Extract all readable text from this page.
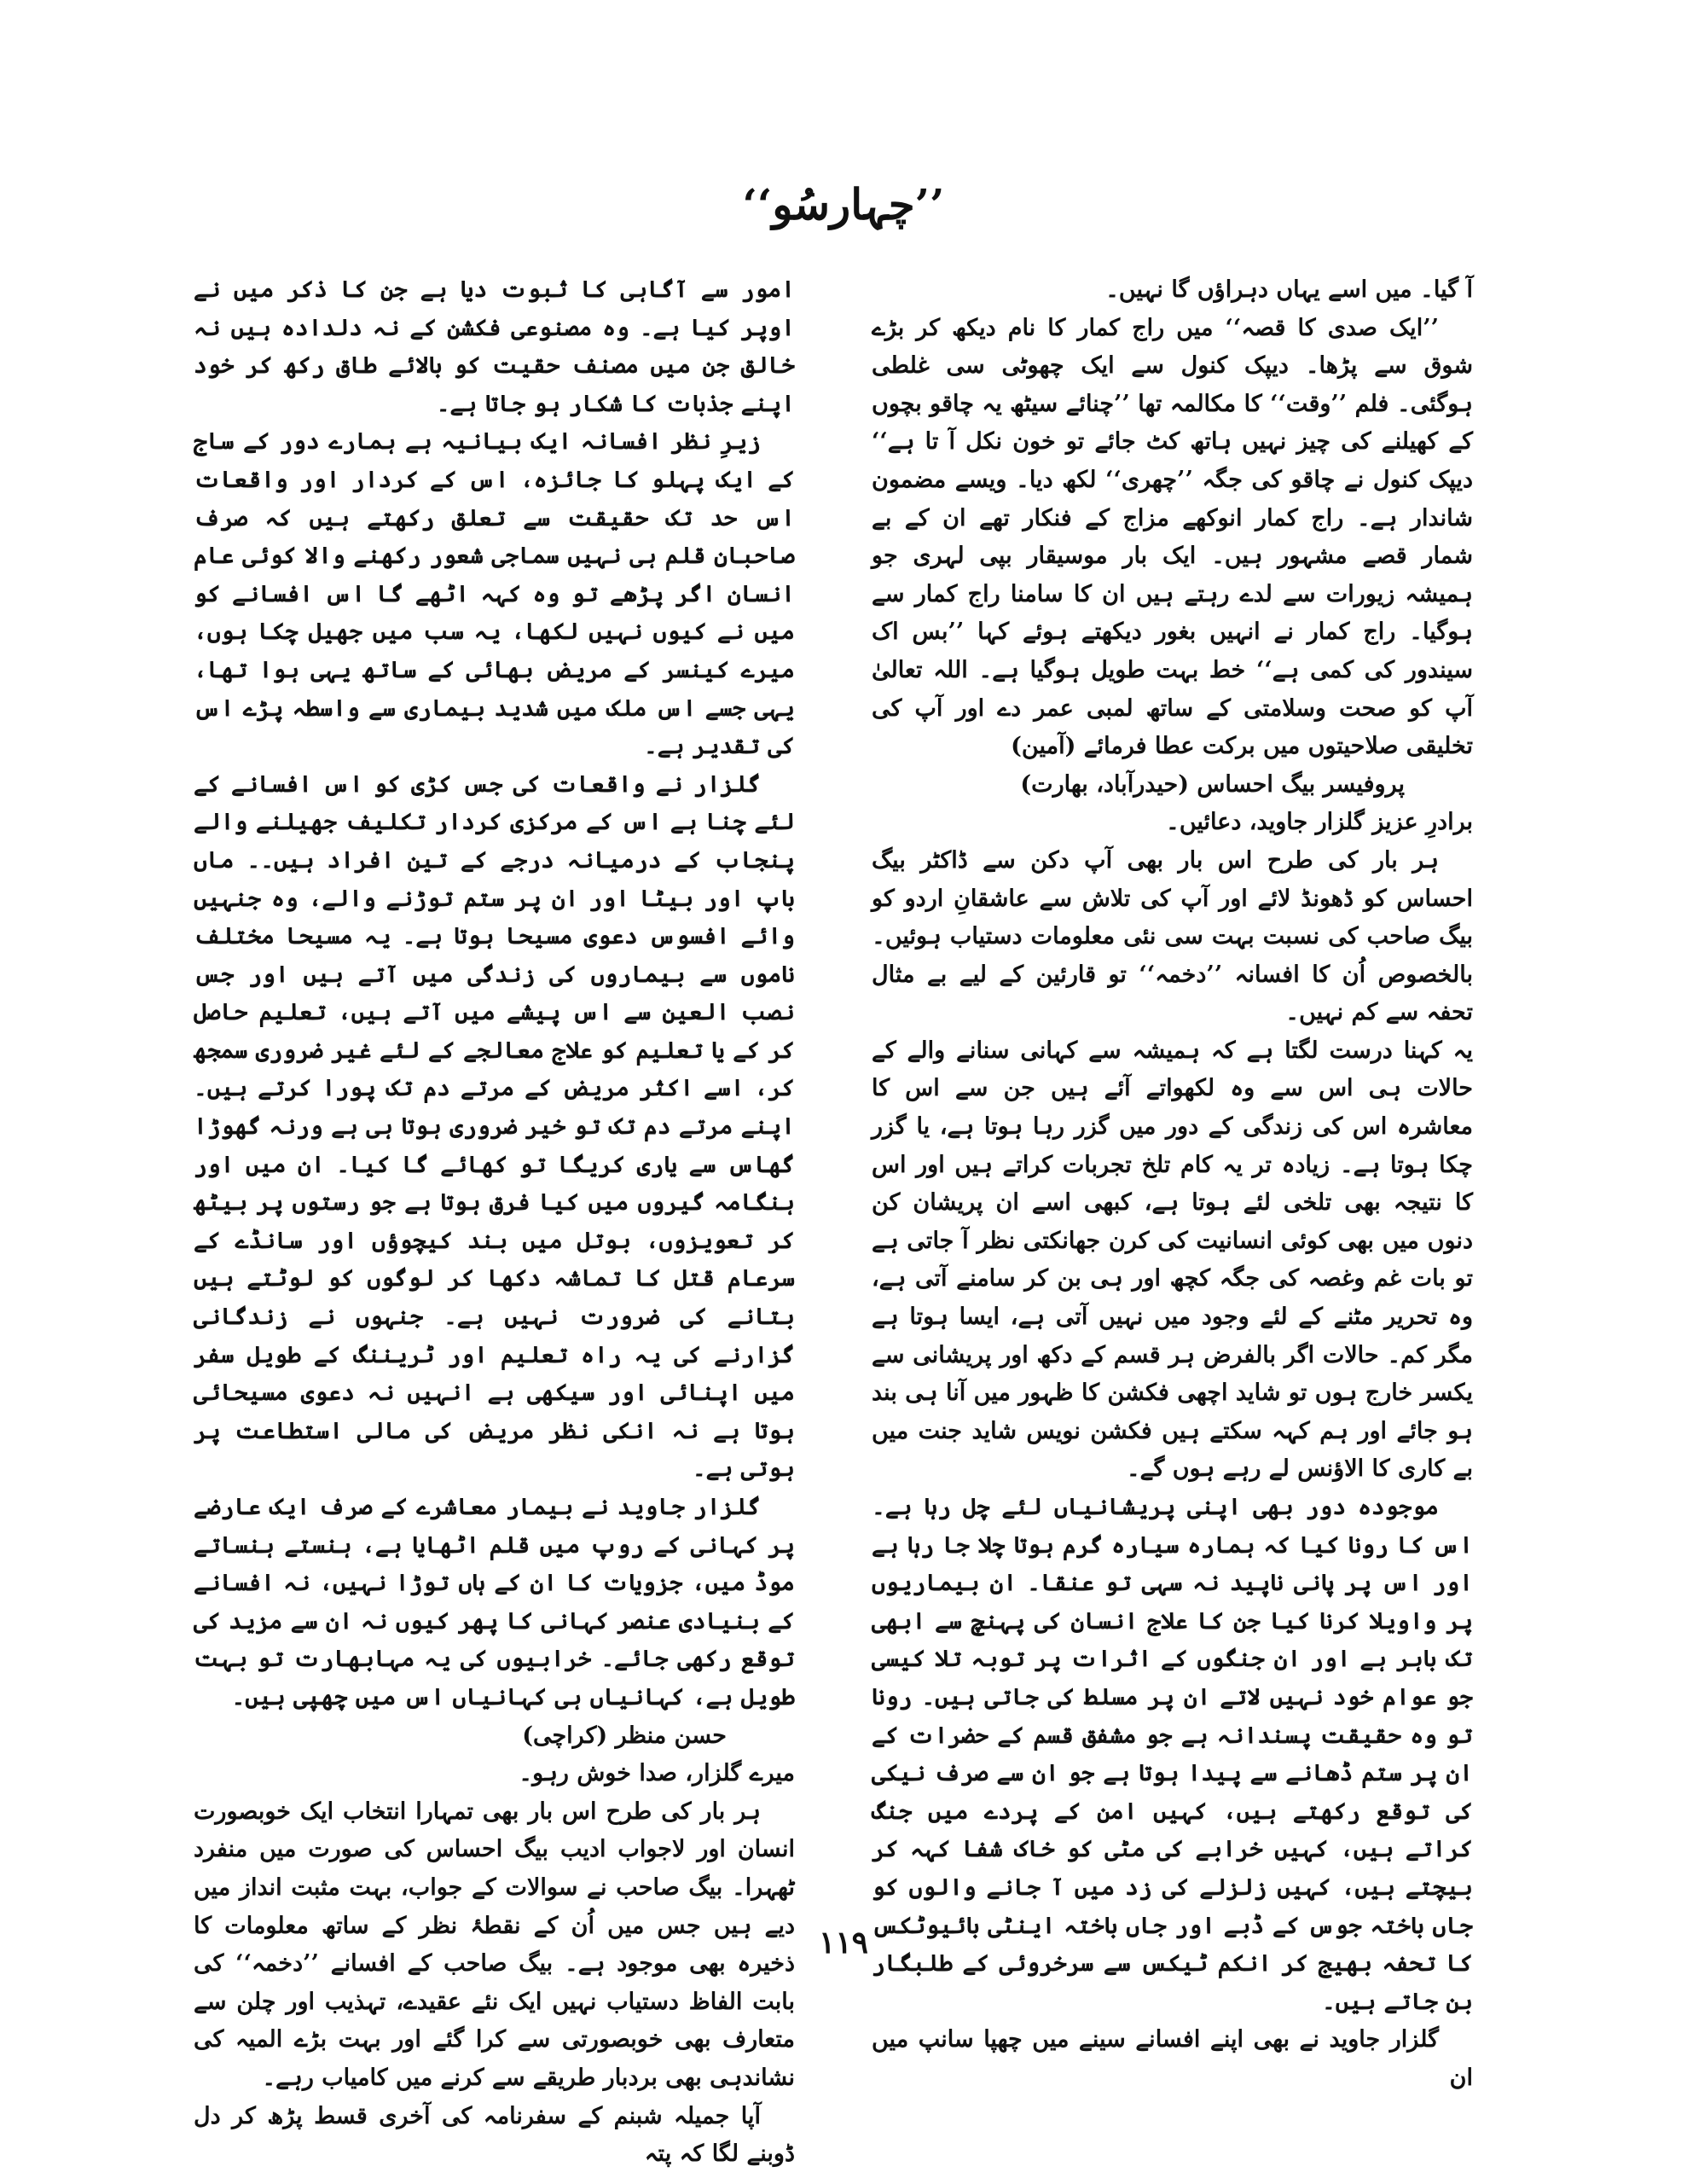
’’چہارسُو‘‘

آ گیا۔ میں اسے یہاں دہراؤں گا نہیں۔

’’ایک صدی کا قصہ‘‘ میں راج کمار کا نام دیکھ کر بڑے شوق سے پڑھا۔ دیپک کنول سے ایک چھوٹی سی غلطی ہوگئی۔ فلم ’’وقت‘‘ کا مکالمہ تھا ’’چنائے سیٹھ یہ چاقو بچوں کے کھیلنے کی چیز نہیں ہاتھ کٹ جائے تو خون نکل آ تا ہے‘‘ دیپک کنول نے چاقو کی جگہ ’’چھری‘‘ لکھ دیا۔ ویسے مضمون شاندار ہے۔ راج کمار انوکھے مزاج کے فنکار تھے ان کے بے شمار قصے مشہور ہیں۔ ایک بار موسیقار بپی لہری جو ہمیشہ زیورات سے لدے رہتے ہیں ان کا سامنا راج کمار سے ہوگیا۔ راج کمار نے انہیں بغور دیکھتے ہوئے کہا ’’بس اک سیندور کی کمی ہے‘‘ خط بہت طویل ہوگیا ہے۔ اللہ تعالیٰ آپ کو صحت وسلامتی کے ساتھ لمبی عمر دے اور آپ کی تخلیقی صلاحیتوں میں برکت عطا فرمائے (آمین)

پروفیسر بیگ احساس (حیدرآباد، بھارت)

برادرِ عزیز گلزار جاوید، دعائیں۔

ہر بار کی طرح اس بار بھی آپ دکن سے ڈاکٹر بیگ احساس کو ڈھونڈ لائے اور آپ کی تلاش سے عاشقانِ اردو کو بیگ صاحب کی نسبت بہت سی نئی معلومات دستیاب ہوئیں۔ بالخصوص اُن کا افسانہ ’’دخمہ‘‘ تو قارئین کے لیے بے مثال تحفہ سے کم نہیں۔

یہ کہنا درست لگتا ہے کہ ہمیشہ سے کہانی سنانے والے کے حالات ہی اس سے وہ لکھواتے آئے ہیں جن سے اس کا معاشرہ اس کی زندگی کے دور میں گزر رہا ہوتا ہے، یا گزر چکا ہوتا ہے۔ زیادہ تر یہ کام تلخ تجربات کراتے ہیں اور اس کا نتیجہ بھی تلخی لئے ہوتا ہے، کبھی اسے ان پریشان کن دنوں میں بھی کوئی انسانیت کی کرن جھانکتی نظر آ جاتی ہے تو بات غم وغصہ کی جگہ کچھ اور ہی بن کر سامنے آتی ہے، وہ تحریر مٹنے کے لئے وجود میں نہیں آتی ہے، ایسا ہوتا ہے مگر کم۔ حالات اگر بالفرض ہر قسم کے دکھ اور پریشانی سے یکسر خارج ہوں تو شاید اچھی فکشن کا ظہور میں آنا ہی بند ہو جائے اور ہم کہہ سکتے ہیں فکشن نویس شاید جنت میں بے کاری کا الاؤنس لے رہے ہوں گے۔

موجودہ دور بھی اپنی پریشانیاں لئے چل رہا ہے۔ اس کا رونا کیا کہ ہمارہ سیارہ گرم ہوتا چلا جا رہا ہے اور اس پر پانی ناپید نہ سہی تو عنقا۔ ان بیماریوں پر واویلا کرنا کیا جن کا علاج انسان کی پہنچ سے ابھی تک باہر ہے اور ان جنگوں کے اثرات پر توبہ تلا کیسی جو عوام خود نہیں لاتے ان پر مسلط کی جاتی ہیں۔ رونا تو وہ حقیقت پسندانہ ہے جو مشفق قسم کے حضرات کے ان پر ستم ڈھانے سے پیدا ہوتا ہے جو ان سے صرف نیکی کی توقع رکھتے ہیں، کہیں امن کے پردے میں جنگ کراتے ہیں، کہیں خرابے کی مٹی کو خاک شفا کہہ کر بیچتے ہیں، کہیں زلزلے کی زد میں آ جانے والوں کو جاں باختہ جوس کے ڈبے اور جاں باختہ اینٹی بائیوٹکس کا تحفہ بھیج کر انکم ٹیکس سے سرخروئی کے طلبگار بن جاتے ہیں۔

گلزار جاوید نے بھی اپنے افسانے سینے میں چھپا سانپ میں ان

امور سے آگاہی کا ثبوت دیا ہے جن کا ذکر میں نے اوپر کیا ہے۔ وہ مصنوعی فکشن کے نہ دلدادہ ہیں نہ خالق جن میں مصنف حقیت کو بالائے طاق رکھ کر خود اپنے جذبات کا شکار ہو جاتا ہے۔

زیرِ نظر افسانہ ایک بیانیہ ہے ہمارے دور کے ساج کے ایک پہلو کا جائزہ، اس کے کردار اور واقعات اس حد تک حقیقت سے تعلق رکھتے ہیں کہ صرف صاحبانِ قلم ہی نہیں سماجی شعور رکھنے والا کوئی عام انسان اگر پڑھے تو وہ کہہ اٹھے گا اس افسانے کو میں نے کیوں نہیں لکھا، یہ سب میں جھیل چکا ہوں، میرے کینسر کے مریض بھائی کے ساتھ یہی ہوا تھا، یہی جسے اس ملک میں شدید بیماری سے واسطہ پڑے اس کی تقدیر ہے۔

گلزار نے واقعات کی جس کڑی کو اس افسانے کے لئے چنا ہے اس کے مرکزی کردار تکلیف جھیلنے والے پنجاب کے درمیانہ درجے کے تین افراد ہیں۔۔ ماں باپ اور بیٹا اور ان پر ستم توڑنے والے، وہ جنہیں وائے افسوس دعوی مسیحا ہوتا ہے۔ یہ مسیحا مختلف ناموں سے بیماروں کی زندگی میں آتے ہیں اور جس نصب العین سے اس پیشے میں آتے ہیں، تعلیم حاصل کر کے یا تعلیم کو علاج معالجے کے لئے غیر ضروری سمجھ کر، اسے اکثر مریض کے مرتے دم تک پورا کرتے ہیں۔ اپنے مرتے دم تک تو خیر ضروری ہوتا ہی ہے ورنہ گھوڑا گھاس سے یاری کریگا تو کھائے گا کیا۔ ان میں اور ہنگامہ گیروں میں کیا فرق ہوتا ہے جو رستوں پر بیٹھ کر تعویزوں، بوتل میں بند کیچوؤں اور سانڈے کے سرعام قتل کا تماشہ دکھا کر لوگوں کو لوٹتے ہیں بتانے کی ضرورت نہیں ہے۔ جنہوں نے زندگانی گزارنے کی یہ راہ تعلیم اور ٹریننگ کے طویل سفر میں اپنائی اور سیکھی ہے انہیں نہ دعوی مسیحائی ہوتا ہے نہ انکی نظر مریض کی مالی استطاعت پر ہوتی ہے۔

گلزار جاوید نے بیمار معاشرے کے صرف ایک عارضے پر کہانی کے روپ میں قلم اٹھایا ہے، ہنستے ہنساتے موڈ میں، جزویات کا ان کے ہاں توڑا نہیں، نہ افسانے کے بنیادی عنصر کہانی کا پھر کیوں نہ ان سے مزید کی توقع رکھی جائے۔ خرابیوں کی یہ مہابھارت تو بہت طویل ہے، کہانیاں ہی کہانیاں اس میں چھپی ہیں۔

حسن منظر (کراچی)

میرے گلزار، صدا خوش رہو۔

ہر بار کی طرح اس بار بھی تمہارا انتخاب ایک خوبصورت انسان اور لاجواب ادیب بیگ احساس کی صورت میں منفرد ٹھہرا۔ بیگ صاحب نے سوالات کے جواب، بہت مثبت انداز میں دیے ہیں جس میں اُن کے نقطۂ نظر کے ساتھ معلومات کا ذخیرہ بھی موجود ہے۔ بیگ صاحب کے افسانے ’’دخمہ‘‘ کی بابت الفاظ دستیاب نہیں ایک نئے عقیدے، تہذیب اور چلن سے متعارف بھی خوبصورتی سے کرا گئے اور بہت بڑے المیہ کی نشاندہی بھی بردبار طریقے سے کرنے میں کامیاب رہے۔

آپا جمیلہ شبنم کے سفرنامہ کی آخری قسط پڑھ کر دل ڈوبنے لگا کہ پتہ

۱۱۹
